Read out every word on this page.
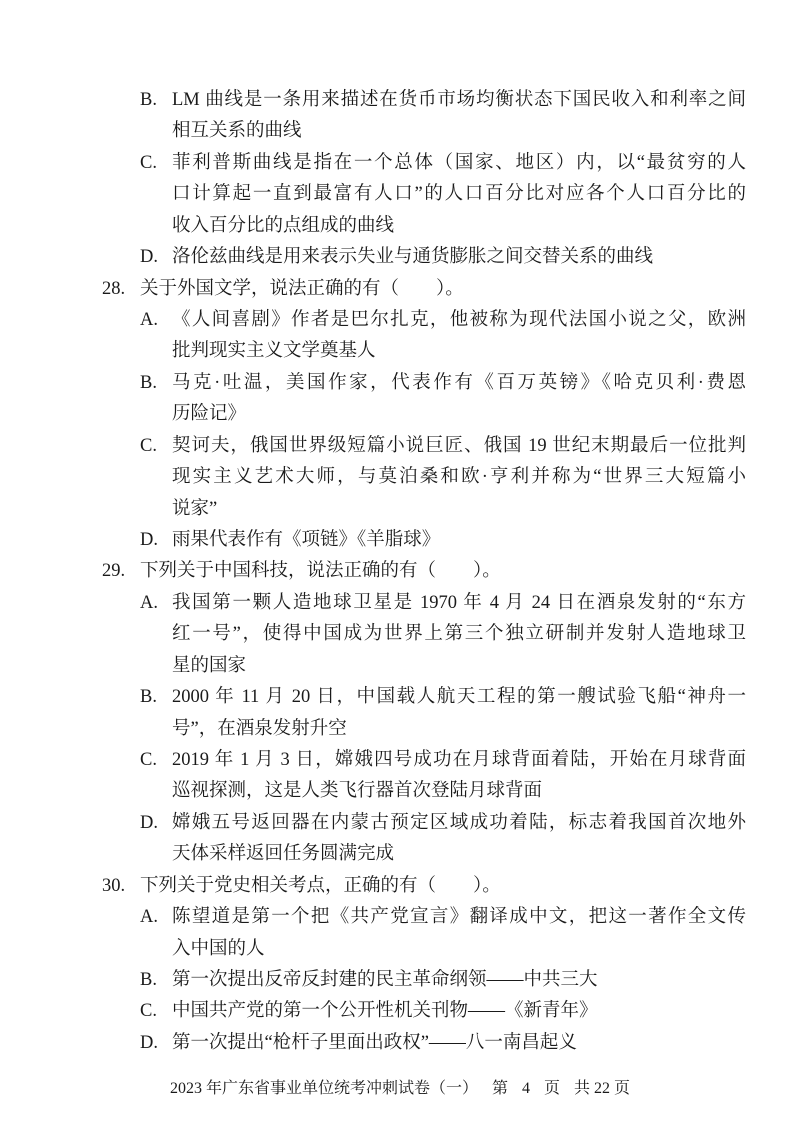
B. LM 曲线是一条用来描述在货币市场均衡状态下国民收入和利率之间
相互关系的曲线
C. 菲利普斯曲线是指在一个总体（国家、地区）内，以“最贫穷的人
口计算起一直到最富有人口”的人口百分比对应各个人口百分比的
收入百分比的点组成的曲线
D. 洛伦兹曲线是用来表示失业与通货膨胀之间交替关系的曲线
28. 关于外国文学，说法正确的有（　　）。
A. 《人间喜剧》作者是巴尔扎克，他被称为现代法国小说之父，欧洲
批判现实主义文学奠基人
B. 马克·吐温，美国作家，代表作有《百万英镑》《哈克贝利·费恩
历险记》
C. 契诃夫，俄国世界级短篇小说巨匠、俄国 19 世纪末期最后一位批判
现实主义艺术大师，与莫泊桑和欧·亨利并称为“世界三大短篇小
说家”
D. 雨果代表作有《项链》《羊脂球》
29. 下列关于中国科技，说法正确的有（　　）。
A. 我国第一颗人造地球卫星是 1970 年 4 月 24 日在酒泉发射的“东方
红一号”，使得中国成为世界上第三个独立研制并发射人造地球卫
星的国家
B. 2000 年 11 月 20 日，中国载人航天工程的第一艘试验飞船“神舟一
号”，在酒泉发射升空
C. 2019 年 1 月 3 日，嫦娥四号成功在月球背面着陆，开始在月球背面
巡视探测，这是人类飞行器首次登陆月球背面
D. 嫦娥五号返回器在内蒙古预定区域成功着陆，标志着我国首次地外
天体采样返回任务圆满完成
30. 下列关于党史相关考点，正确的有（　　）。
A. 陈望道是第一个把《共产党宣言》翻译成中文，把这一著作全文传
入中国的人
B. 第一次提出反帝反封建的民主革命纲领——中共三大
C. 中国共产党的第一个公开性机关刊物——《新青年》
D. 第一次提出“枪杆子里面出政权”——八一南昌起义
2023 年广东省事业单位统考冲刺试卷（一） 第 4 页 共 22 页
